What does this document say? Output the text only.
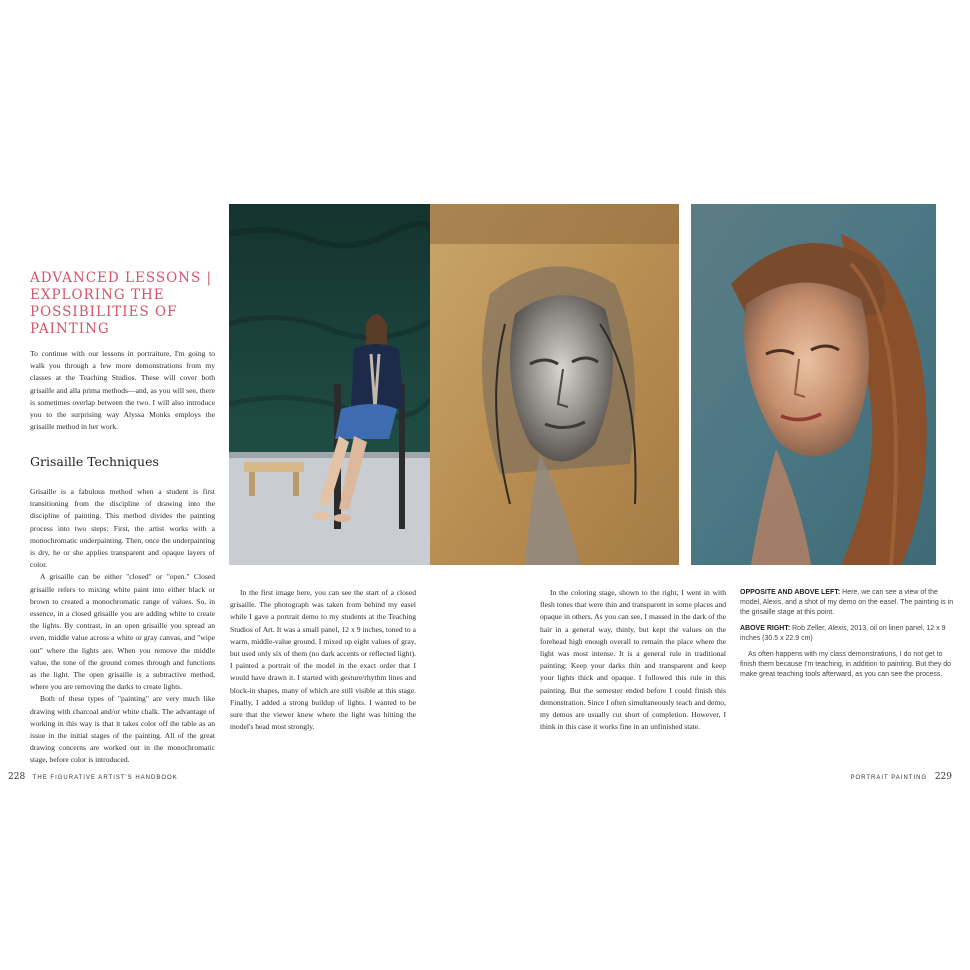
ADVANCED LESSONS | EXPLORING THE POSSIBILITIES OF PAINTING

To continue with our lessons in portraiture, I'm going to walk you through a few more demonstrations from my classes at the Teaching Studios. These will cover both grisaille and alla prima methods—and, as you will see, there is sometimes overlap between the two. I will also introduce you to the surprising way Alyssa Monks employs the grisaille method in her work.

Grisaille Techniques

Grisaille is a fabulous method when a student is first transitioning from the discipline of drawing into the discipline of painting. This method divides the painting process into two steps: First, the artist works with a monochromatic underpainting. Then, once the underpainting is dry, he or she applies transparent and opaque layers of color.

A grisaille can be either "closed" or "open." Closed grisaille refers to mixing white paint into either black or brown to created a monochromatic range of values. So, in essence, in a closed grisaille you are adding white to create the lights. By contrast, in an open grisaille you spread an even, middle value across a white or gray canvas, and "wipe out" where the lights are. When you remove the middle value, the tone of the ground comes through and functions as the light. The open grisaille is a subtractive method, where you are removing the darks to create lights.

Both of these types of "painting" are very much like drawing with charcoal and/or white chalk. The advantage of working in this way is that it takes color off the table as an issue in the initial stages of the painting. All of the great drawing concerns are worked out in the monochromatic stage, before color is introduced.

In the first image here, you can see the start of a closed grisaille. The photograph was taken from behind my easel while I gave a portrait demo to my students at the Teaching Studios of Art. It was a small panel, 12 x 9 inches, toned to a warm, middle-value ground. I mixed up eight values of gray, but used only six of them (no dark accents or reflected light). I painted a portrait of the model in the exact order that I would have drawn it. I started with gesture/rhythm lines and block-in shapes, many of which are still visible at this stage. Finally, I added a strong buildup of lights. I wanted to be sure that the viewer knew where the light was hitting the model's head most strongly.

In the coloring stage, shown to the right, I went in with flesh tones that were thin and transparent in some places and opaque in others. As you can see, I massed in the dark of the hair in a general way, thinly, but kept the values on the forehead high enough overall to remain the place where the light was most intense. It is a general rule in traditional painting: Keep your darks thin and transparent and keep your lights thick and opaque. I followed this rule in this painting. But the semester ended before I could finish this demonstration. Since I often simultaneously teach and demo, my demos are usually cut short of completion. However, I think in this case it works fine in an unfinished state.

OPPOSITE AND ABOVE LEFT: Here, we can see a view of the model, Alexis, and a shot of my demo on the easel. The painting is in the grisaille stage at this point.

ABOVE RIGHT: Rob Zeller, Alexis, 2013, oil on linen panel, 12 x 9 inches (30.5 x 22.9 cm)

As often happens with my class demonstrations, I do not get to finish them because I'm teaching, in addition to painting. But they do make great teaching tools afterward, as you can see the process.

228 THE FIGURATIVE ARTIST'S HANDBOOK	PORTRAIT PAINTING 229
